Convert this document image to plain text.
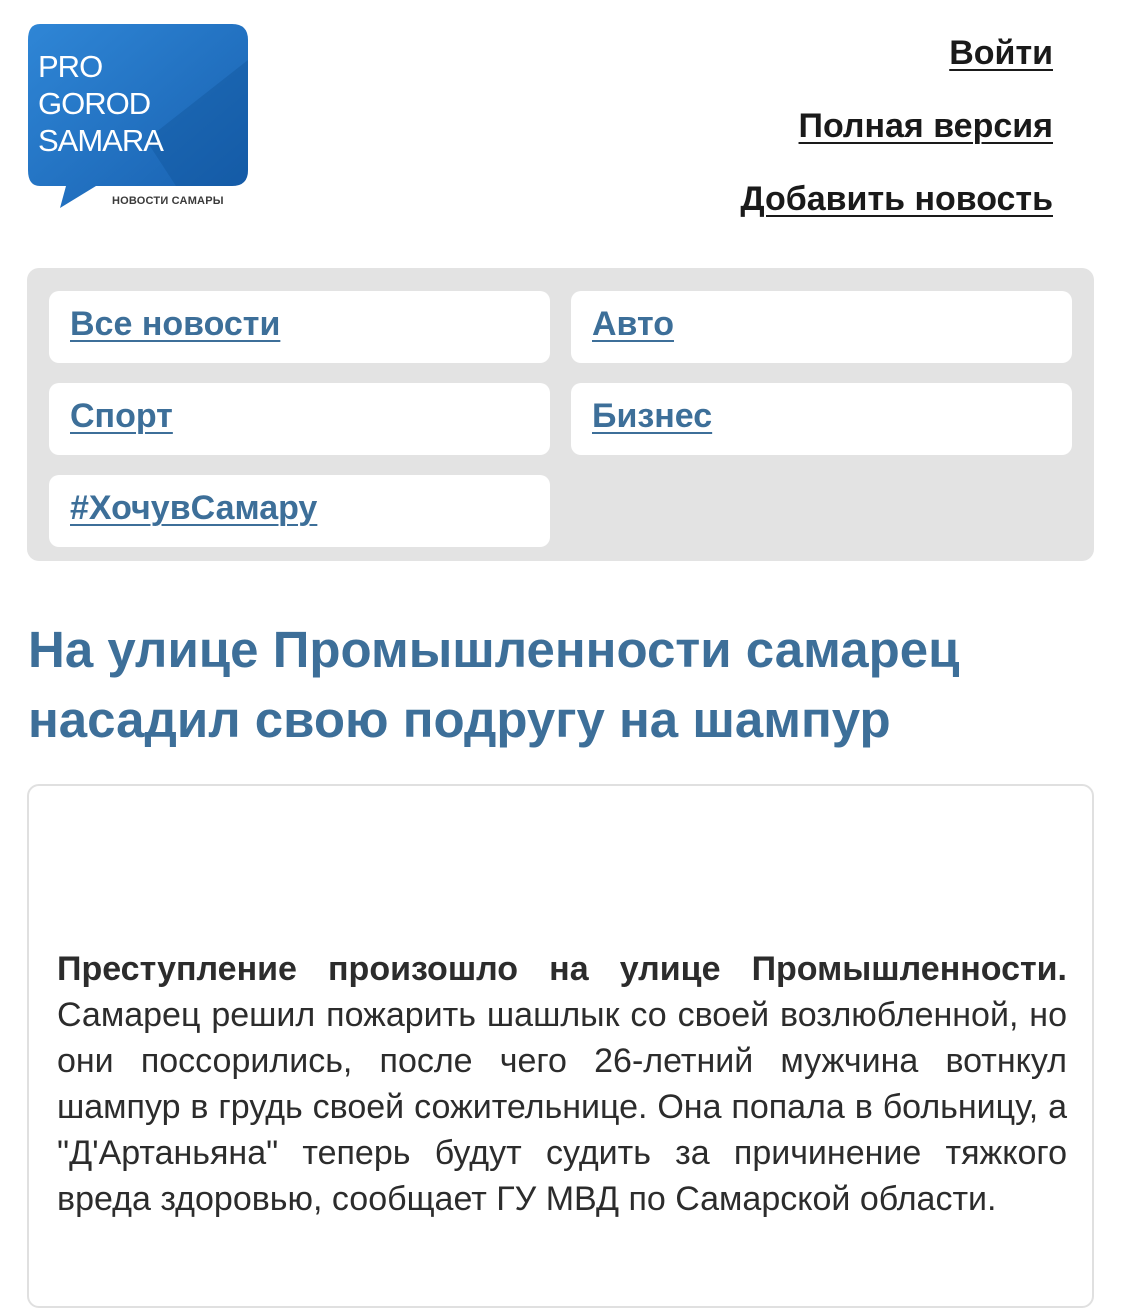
PRO
GOROD
SAMARA
НОВОСТИ САМАРЫ
Войти
Полная версия
Добавить новость
Все новости	Авто
Спорт	Бизнес
#ХочувСамару
На улице Промышленности самарец насадил свою подругу на шампур

Преступление произошло на улице Промышленности. Самарец решил пожарить шашлык со своей возлюбленной, но они поссорились, после чего 26-летний мужчина вотнкул шампур в грудь своей сожительнице. Она попала в больницу, а "Д'Артаньяна" теперь будут судить за причинение тяжкого вреда здоровью, сообщает ГУ МВД по Самарской области.
